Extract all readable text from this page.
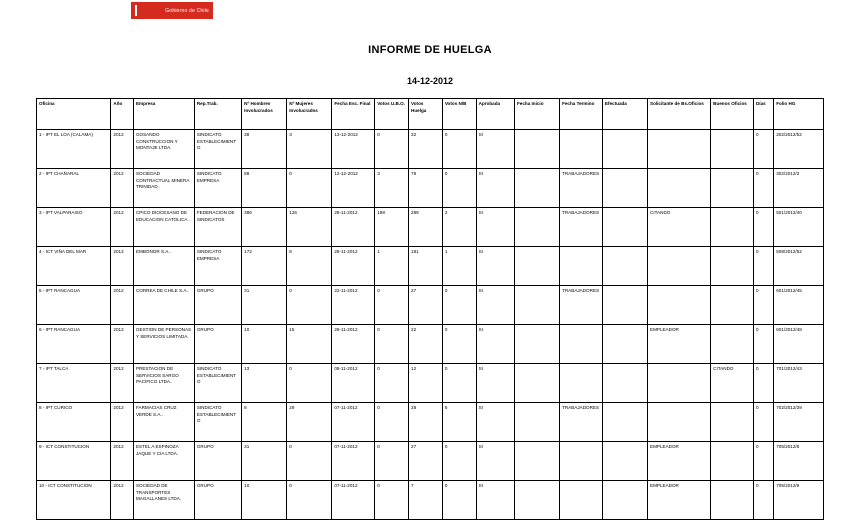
Gobierno de Chile
INFORME DE HUELGA
14-12-2012
Oficina	Año	Empresa	Rep.Trab.	Nº Hombres Involucrados	Nº Mujeres Involucrados	Fecha Esc. Final	Votos U.B.O.	Votos Huelga	Votos N/B	Aprobada	Fecha Inicio	Fecha Termino	Efectuada	Solicitante de Bs.Oficios	Buenos Oficios	Días	Folio HG
1 - IPT EL LOA (CALAMA)	2012	GOSANDO CONSTRUCCION Y MONTAJE LTDA.	SINDICATO ESTABLECIMIENTO	38	3	13-12-2012	0	32	0	SI						0	202/2012/52
2 - IPT CHAÑARAL	2012	SOCIEDAD CONTRACTUAL MINERA TRINIDAD .	SINDICATO EMPRESA	88	0	12-12-2012	3	78	0	SI		TRABAJADORES				0	302/2012/3
3 - IPT VALPARAISO	2012	CPICO DIOCESANO DE EDUCACION CATOLICA .	FEDERACION DE SINDICATOS	386	126	28-11-2012	188	289	2	SI		TRABAJADORES		CITANDO		0	501/2012/40
4 - ICT VIÑA DEL MAR	2012	EMBONOR S.A..	SINDICATO EMPRESA	172	8	28-11-2012	1	181	1	SI						0	508/2012/52
5 - IPT RANCAGUA	2012	CORREA DE CHILE S.A..	GRUPO	31	0	22-11-2012	0	27	0	SI		TRABAJADORES				0	601/2012/45
6 - IPT RANCAGUA	2012	GESTION DE PERSONAS Y SERVICIOS LIMITADA.	GRUPO	10	15	28-11-2012	0	22	0	SI				EMPLEADOR		0	601/2012/48
7 - IPT TALCA	2012	PRESTACION DE SERVICIOS SARGO PACIFICO LTDA..	SINDICATO ESTABLECIMIENTO	13	0	08-11-2012	0	12	0	SI					CITANDO	0	701/2012/43
8 - IPT CURICO	2012	FARMACIAS CRUZ VERDE S.A..	SINDICATO ESTABLECIMIENTO	8	29	07-11-2012	0	28	5	SI		TRABAJADORES				0	702/2012/39
9 - ICT CONSTITUCION	2012	ESTEL A ESPINOZA JAQUE Y CIA LTDA.	GRUPO	31	0	07-11-2012	0	27	0	SI				EMPLEADOR		0	705/2012/8
10 - ICT CONSTITUCION	2012	SOCIEDAD DE TRANSPORTES MAGALLANES LTDA.	GRUPO	10	0	07-11-2012	0	7	0	SI				EMPLEADOR		0	705/2012/9
